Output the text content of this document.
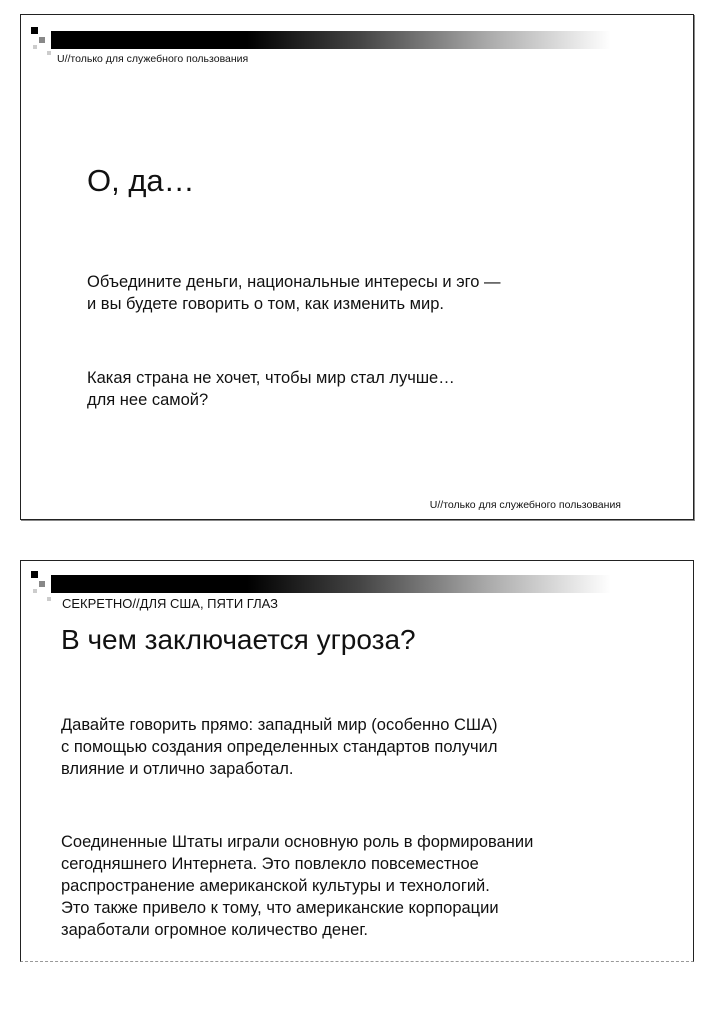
U//только для служебного пользования
О, да…

Объедините деньги, национальные интересы и эго —
и вы будете говорить о том, как изменить мир.

Какая страна не хочет, чтобы мир стал лучше…
для нее самой?

U//только для служебного пользования
СЕКРЕТНО//ДЛЯ США, ПЯТИ ГЛАЗ
В чем заключается угроза?

Давайте говорить прямо: западный мир (особенно США)
с помощью создания определенных стандартов получил
влияние и отлично заработал.

Соединенные Штаты играли основную роль в формировании
сегодняшнего Интернета. Это повлекло повсеместное
распространение американской культуры и технологий.
Это также привело к тому, что американские корпорации
заработали огромное количество денег.
